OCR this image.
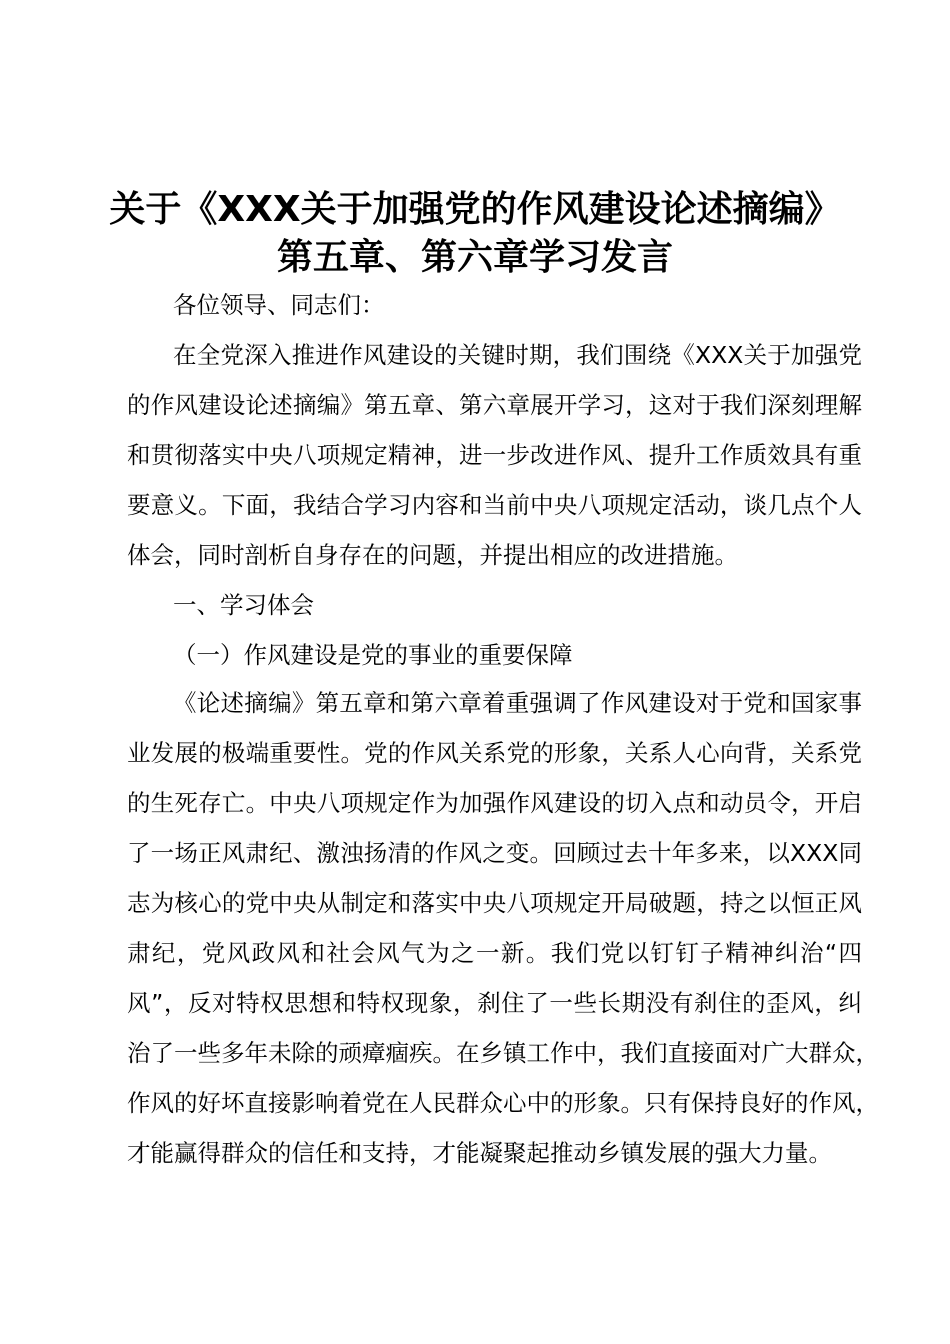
关于《XXX关于加强党的作风建设论述摘编》
第五章、第六章学习发言
各位领导、同志们：
在全党深入推进作风建设的关键时期，我们围绕《XXX关于加强党
的作风建设论述摘编》第五章、第六章展开学习，这对于我们深刻理解
和贯彻落实中央八项规定精神，进一步改进作风、提升工作质效具有重
要意义。下面，我结合学习内容和当前中央八项规定活动，谈几点个人
体会，同时剖析自身存在的问题，并提出相应的改进措施。
一、学习体会
（一）作风建设是党的事业的重要保障
《论述摘编》第五章和第六章着重强调了作风建设对于党和国家事
业发展的极端重要性。党的作风关系党的形象，关系人心向背，关系党
的生死存亡。中央八项规定作为加强作风建设的切入点和动员令，开启
了一场正风肃纪、激浊扬清的作风之变。回顾过去十年多来，以XXX同
志为核心的党中央从制定和落实中央八项规定开局破题，持之以恒正风
肃纪，党风政风和社会风气为之一新。我们党以钉钉子精神纠治“四
风”，反对特权思想和特权现象，刹住了一些长期没有刹住的歪风，纠
治了一些多年未除的顽瘴痼疾。在乡镇工作中，我们直接面对广大群众，
作风的好坏直接影响着党在人民群众心中的形象。只有保持良好的作风，
才能赢得群众的信任和支持，才能凝聚起推动乡镇发展的强大力量。
